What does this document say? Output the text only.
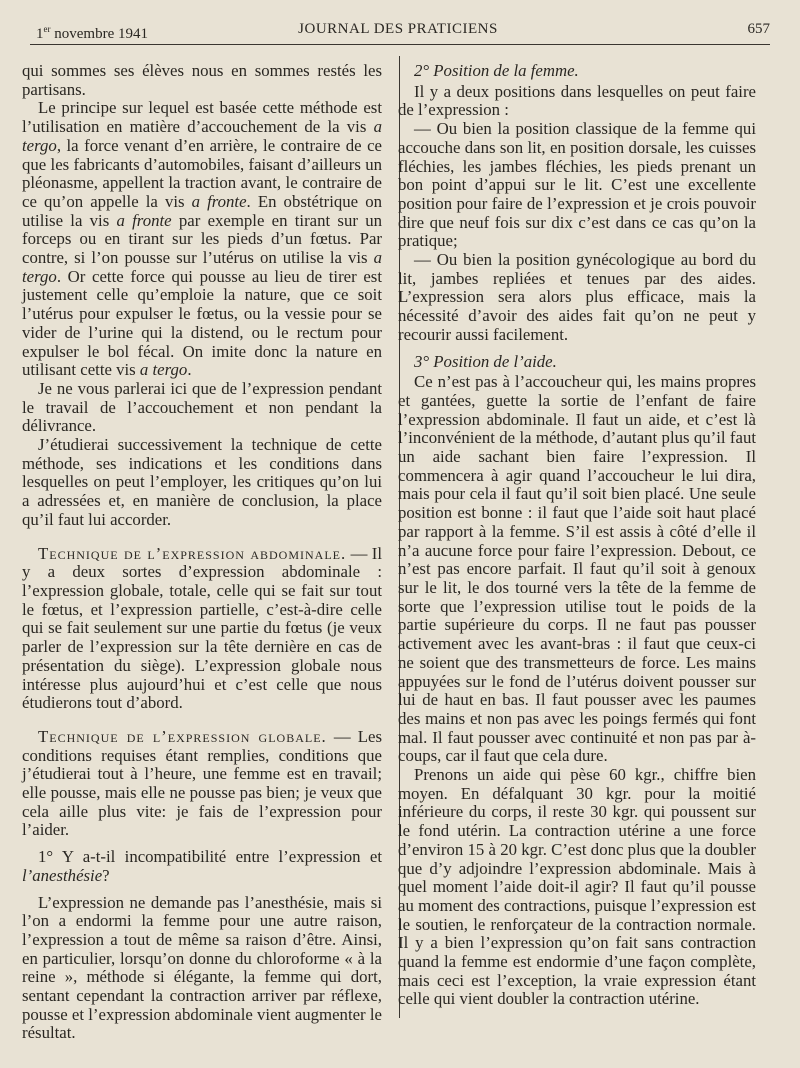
1er novembre 1941	JOURNAL DES PRATICIENS	657

qui sommes ses élèves nous en sommes restés les partisans.

Le principe sur lequel est basée cette méthode est l’utilisation en matière d’accouchement de la vis a tergo, la force venant d’en arrière, le contraire de ce que les fabricants d’automobiles, faisant d’ailleurs un pléonasme, appellent la traction avant, le contraire de ce qu’on appelle la vis a fronte. En obstétrique on utilise la vis a fronte par exemple en tirant sur un forceps ou en tirant sur les pieds d’un fœtus. Par contre, si l’on pousse sur l’utérus on utilise la vis a tergo. Or cette force qui pousse au lieu de tirer est justement celle qu’emploie la nature, que ce soit l’utérus pour expulser le fœtus, ou la vessie pour se vider de l’urine qui la distend, ou le rectum pour expulser le bol fécal. On imite donc la nature en utilisant cette vis a tergo.

Je ne vous parlerai ici que de l’expression pendant le travail de l’accouchement et non pendant la délivrance.

J’étudierai successivement la technique de cette méthode, ses indications et les conditions dans lesquelles on peut l’employer, les critiques qu’on lui a adressées et, en manière de conclusion, la place qu’il faut lui accorder.

Technique de l’expression abdominale. — Il y a deux sortes d’expression abdominale : l’expression globale, totale, celle qui se fait sur tout le fœtus, et l’expression partielle, c’est-à-dire celle qui se fait seulement sur une partie du fœtus (je veux parler de l’expression sur la tête dernière en cas de présentation du siège). L’expression globale nous intéresse plus aujourd’hui et c’est celle que nous étudierons tout d’abord.

Technique de l’expression globale. — Les conditions requises étant remplies, conditions que j’étudierai tout à l’heure, une femme est en travail; elle pousse, mais elle ne pousse pas bien; je veux que cela aille plus vite: je fais de l’expression pour l’aider.

1° Y a-t-il incompatibilité entre l’expression et l’anesthésie?

L’expression ne demande pas l’anesthésie, mais si l’on a endormi la femme pour une autre raison, l’expression a tout de même sa raison d’être. Ainsi, en particulier, lorsqu’on donne du chloroforme « à la reine », méthode si élégante, la femme qui dort, sentant cependant la contraction arriver par réflexe, pousse et l’expression abdominale vient augmenter le résultat.

2° Position de la femme.

Il y a deux positions dans lesquelles on peut faire de l’expression :

— Ou bien la position classique de la femme qui accouche dans son lit, en position dorsale, les cuisses fléchies, les jambes fléchies, les pieds prenant un bon point d’appui sur le lit. C’est une excellente position pour faire de l’expression et je crois pouvoir dire que neuf fois sur dix c’est dans ce cas qu’on la pratique;

— Ou bien la position gynécologique au bord du lit, jambes repliées et tenues par des aides. L’expression sera alors plus efficace, mais la nécessité d’avoir des aides fait qu’on ne peut y recourir aussi facilement.

3° Position de l’aide.

Ce n’est pas à l’accoucheur qui, les mains propres et gantées, guette la sortie de l’enfant de faire l’expression abdominale. Il faut un aide, et c’est là l’inconvénient de la méthode, d’autant plus qu’il faut un aide sachant bien faire l’expression. Il commencera à agir quand l’accoucheur le lui dira, mais pour cela il faut qu’il soit bien placé. Une seule position est bonne : il faut que l’aide soit haut placé par rapport à la femme. S’il est assis à côté d’elle il n’a aucune force pour faire l’expression. Debout, ce n’est pas encore parfait. Il faut qu’il soit à genoux sur le lit, le dos tourné vers la tête de la femme de sorte que l’expression utilise tout le poids de la partie supérieure du corps. Il ne faut pas pousser activement avec les avant-bras : il faut que ceux-ci ne soient que des transmetteurs de force. Les mains appuyées sur le fond de l’utérus doivent pousser sur lui de haut en bas. Il faut pousser avec les paumes des mains et non pas avec les poings fermés qui font mal. Il faut pousser avec continuité et non pas par à-coups, car il faut que cela dure.

Prenons un aide qui pèse 60 kgr., chiffre bien moyen. En défalquant 30 kgr. pour la moitié inférieure du corps, il reste 30 kgr. qui poussent sur le fond utérin. La contraction utérine a une force d’environ 15 à 20 kgr. C’est donc plus que la doubler que d’y adjoindre l’expression abdominale. Mais à quel moment l’aide doit-il agir? Il faut qu’il pousse au moment des contractions, puisque l’expression est le soutien, le renforçateur de la contraction normale. Il y a bien l’expression qu’on fait sans contraction quand la femme est endormie d’une façon complète, mais ceci est l’exception, la vraie expression étant celle qui vient doubler la contraction utérine.
